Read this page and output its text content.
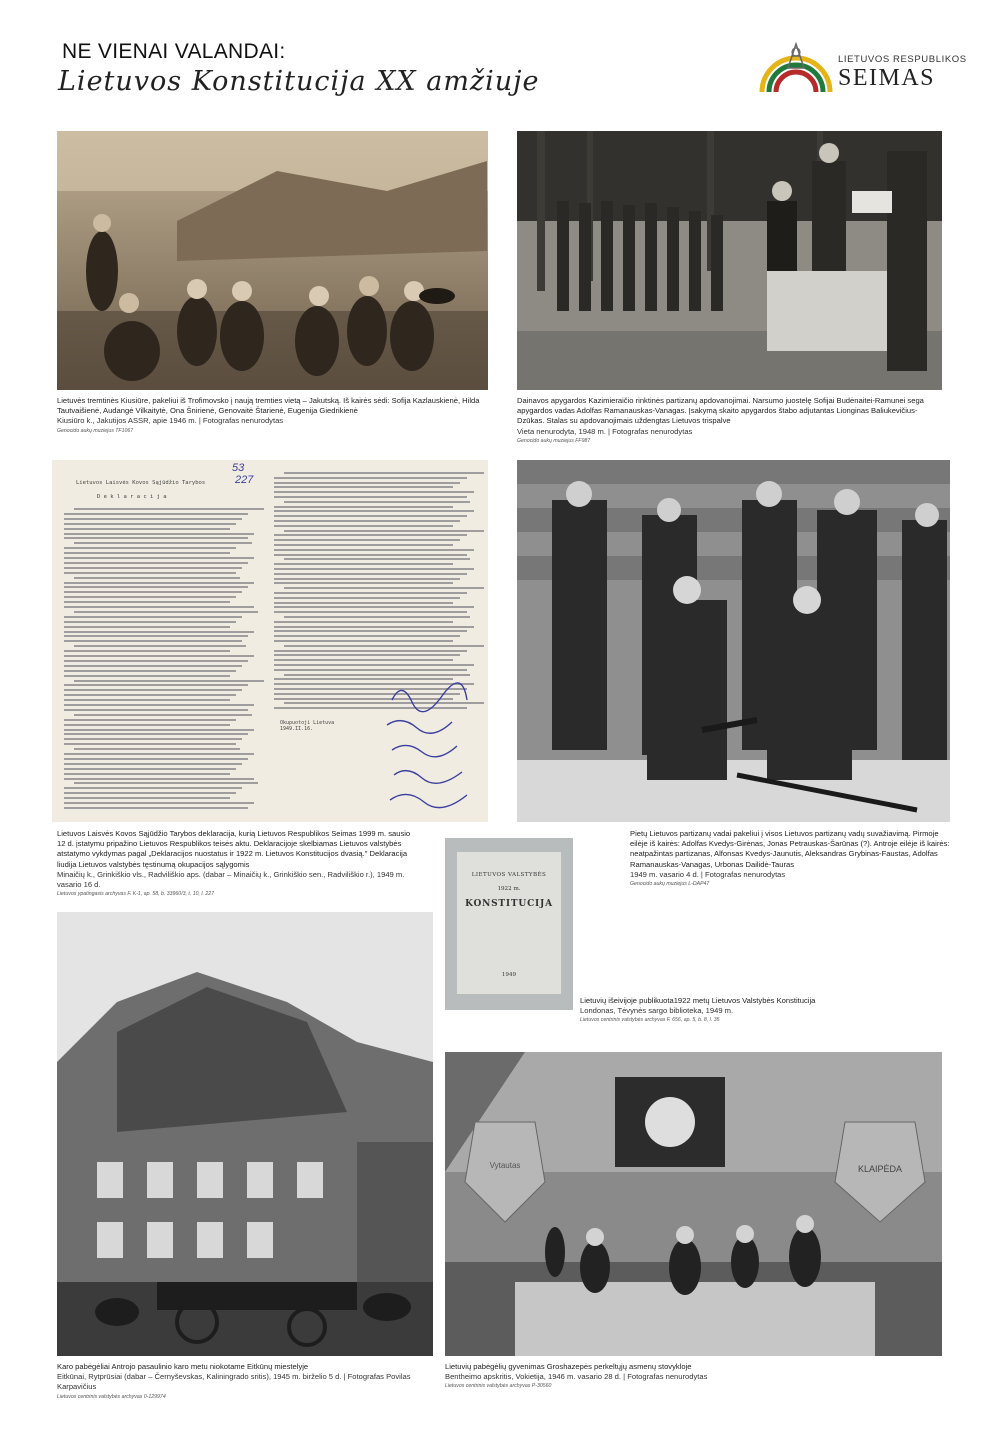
NE VIENAI VALANDAI:
Lietuvos Konstitucija XX amžiuje
LIETUVOS RESPUBLIKOS
SEIMAS
Lietuvės tremtinės Kiusiūre, pakeliui iš Trofimovsko į naują tremties vietą – Jakutską. Iš kairės sėdi: Sofija Kazlauskienė, Hilda Tautvaišienė, Audangė Vilkaitytė, Ona Šnirienė, Genovaitė Štarienė, Eugenija Giedrikienė
Kiusiūro k., Jakutijos ASSR, apie 1946 m. | Fotografas nenurodytas
Genocido aukų muziejus TF1067
Dainavos apygardos Kazimieraičio rinktinės partizanų apdovanojimai. Narsumo juostelę Sofijai Budėnaitei-Ramunei sega apygardos vadas Adolfas Ramanauskas-Vanagas. Įsakymą skaito apygardos štabo adjutantas Lionginas Baliukevičius-Dzūkas. Stalas su apdovanojimais uždengtas Lietuvos trispalve
Vieta nenurodyta, 1948 m. | Fotografas nenurodytas
Genocido aukų muziejus FF987
53
227
Lietuvos Laisvės Kovos Sąjūdžio Tarybos
D e k l a r a c i j a
Okupuotoji Lietuva
1949.II.16.
Lietuvos Laisvės Kovos Sąjūdžio Tarybos deklaracija, kurią Lietuvos Respublikos Seimas 1999 m. sausio 12 d. įstatymu pripažino Lietuvos Respublikos teisės aktu. Deklaracijoje skelbiamas Lietuvos valstybės atstatymo vykdymas pagal „Deklaracijos nuostatus ir 1922 m. Lietuvos Konstitucijos dvasią." Deklaracija liudija Lietuvos valstybės tęstinumą okupacijos sąlygomis
Minaičių k., Grinkiškio vls., Radviliškio aps. (dabar – Minaičių k., Grinkiškio sen., Radviliškio r.), 1949 m. vasario 16 d.
Lietuvos ypatingasis archyvas F. K-1, ap. 58, b. 33960/3, t. 10, l. 227
Pietų Lietuvos partizanų vadai pakeliui į visos Lietuvos partizanų vadų suvažiavimą. Pirmoje eilėje iš kairės: Adolfas Kvedys-Girėnas, Jonas Petrauskas-Šarūnas (?). Antroje eilėje iš kairės: neatpažintas partizanas, Alfonsas Kvedys-Jaunutis, Aleksandras Grybinas-Faustas, Adolfas Ramanauskas-Vanagas, Urbonas Dailidė-Tauras
1949 m. vasario 4 d. | Fotografas nenurodytas
Genocido aukų muziejus L-DAP47
LIETUVOS VALSTYBĖS
1922 m.
KONSTITUCIJA
1949
Lietuvių išeivijoje publikuota1922 metų Lietuvos Valstybės Konstitucija
Londonas, Tėvynės sargo biblioteka, 1949 m.
Lietuvos centrinis valstybės archyvas F. 656, ap. 5, b. 8, l. 35
Karo pabėgėliai Antrojo pasaulinio karo metu niokotame Eitkūnų miestelyje
Eitkūnai, Rytprūsiai (dabar – Černyševskas, Kaliningrado sritis), 1945 m. birželio 5 d. | Fotografas Povilas Karpavičius
Lietuvos centrinis valstybės archyvas 0-129974
Vytautas	KLAIPĖDA
Lietuvių pabėgėlių gyvenimas Groshazepės perkeltųjų asmenų stovykloje
Bentheimo apskritis, Vokietija, 1946 m. vasario 28 d. | Fotografas nenurodytas
Lietuvos centrinis valstybės archyvas P-30560
